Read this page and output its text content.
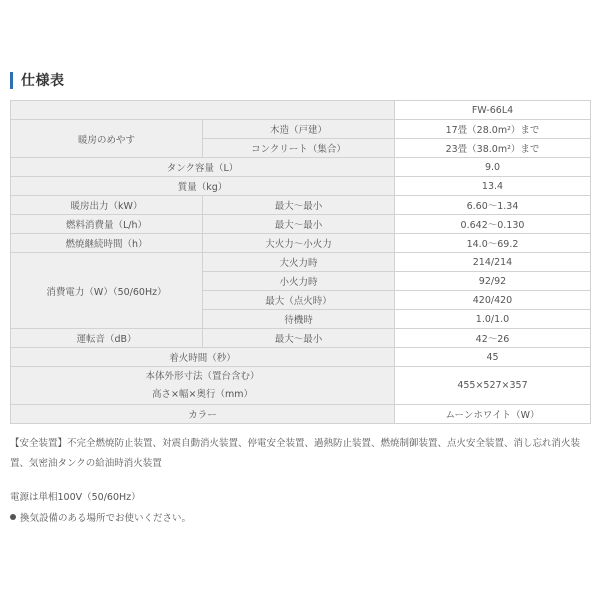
仕様表
		FW-66L4
暖房のめやす	木造（戸建）	17畳（28.0m²）まで
	コンクリート（集合）	23畳（38.0m²）まで
タンク容量（L）		9.0
質量（kg）		13.4
暖房出力（kW）	最大〜最小	6.60〜1.34
燃料消費量（L/h）	最大〜最小	0.642〜0.130
燃焼継続時間（h）	大火力〜小火力	14.0〜69.2
消費電力（W）（50/60Hz）	大火力時	214/214
	小火力時	92/92
	最大（点火時）	420/420
	待機時	1.0/1.0
運転音（dB）	最大〜最小	42〜26
着火時間（秒）		45

本体外形寸法（置台含む）
高さ×幅×奥行（mm）		455×527×357
カラー		ムーンホワイト（W）

【安全装置】不完全燃焼防止装置、対震自動消火装置、停電安全装置、過熱防止装置、燃焼制御装置、点火安全装置、消し忘れ消火装置、気密油タンクの給油時消火装置

電源は単相100V（50/60Hz）
換気設備のある場所でお使いください。
